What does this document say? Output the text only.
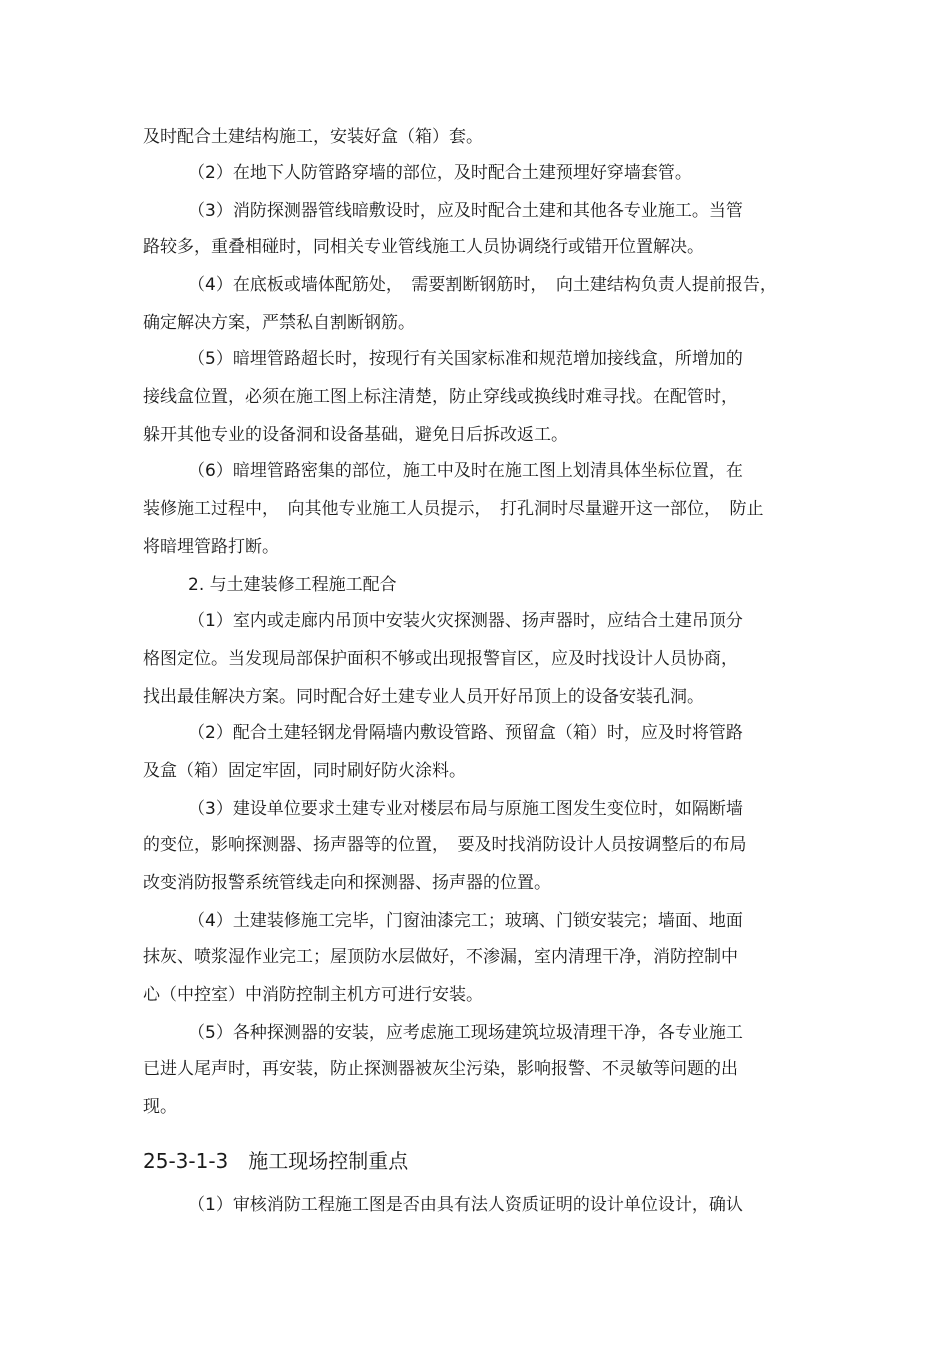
及时配合土建结构施工，安装好盒（箱）套。
（2）在地下人防管路穿墙的部位，及时配合土建预埋好穿墙套管。
（3）消防探测器管线暗敷设时，应及时配合土建和其他各专业施工。当管
路较多，重叠相碰时，同相关专业管线施工人员协调绕行或错开位置解决。
（4）在底板或墙体配筋处，　需要割断钢筋时，　向土建结构负责人提前报告，
确定解决方案，严禁私自割断钢筋。
（5）暗埋管路超长时，按现行有关国家标准和规范增加接线盒，所增加的
接线盒位置，必须在施工图上标注清楚，防止穿线或换线时难寻找。在配管时，
躲开其他专业的设备洞和设备基础，避免日后拆改返工。
（6）暗埋管路密集的部位，施工中及时在施工图上划清具体坐标位置，在
装修施工过程中，　向其他专业施工人员提示，　打孔洞时尽量避开这一部位，　防止
将暗埋管路打断。
2. 与土建装修工程施工配合
（1）室内或走廊内吊顶中安装火灾探测器、扬声器时，应结合土建吊顶分
格图定位。当发现局部保护面积不够或出现报警盲区，应及时找设计人员协商，
找出最佳解决方案。同时配合好土建专业人员开好吊顶上的设备安装孔洞。
（2）配合土建轻钢龙骨隔墙内敷设管路、预留盒（箱）时，应及时将管路
及盒（箱）固定牢固，同时刷好防火涂料。
（3）建设单位要求土建专业对楼层布局与原施工图发生变位时，如隔断墙
的变位，影响探测器、扬声器等的位置，　要及时找消防设计人员按调整后的布局
改变消防报警系统管线走向和探测器、扬声器的位置。
（4）土建装修施工完毕，门窗油漆完工；玻璃、门锁安装完；墙面、地面
抹灰、喷浆湿作业完工；屋顶防水层做好，不渗漏，室内清理干净，消防控制中
心（中控室）中消防控制主机方可进行安装。
（5）各种探测器的安装，应考虑施工现场建筑垃圾清理干净，各专业施工
已进人尾声时，再安装，防止探测器被灰尘污染，影响报警、不灵敏等问题的出
现。
25-3-1-3　施工现场控制重点
（1）审核消防工程施工图是否由具有法人资质证明的设计单位设计，确认
